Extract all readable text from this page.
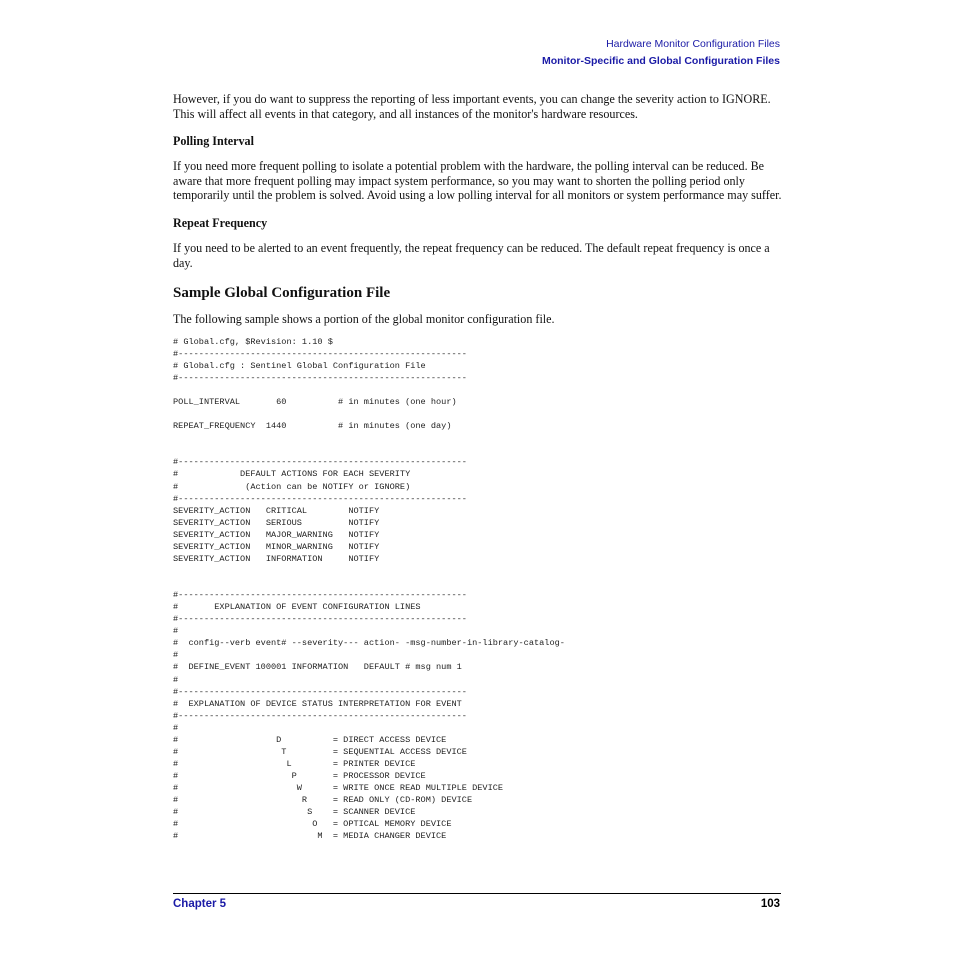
Hardware Monitor Configuration Files
Monitor-Specific and Global Configuration Files

However, if you do want to suppress the reporting of less important events, you can change the severity action to IGNORE. This will affect all events in that category, and all instances of the monitor's hardware resources.

Polling Interval

If you need more frequent polling to isolate a potential problem with the hardware, the polling interval can be reduced. Be aware that more frequent polling may impact system performance, so you may want to shorten the polling period only temporarily until the problem is solved. Avoid using a low polling interval for all monitors or system performance may suffer.

Repeat Frequency

If you need to be alerted to an event frequently, the repeat frequency can be reduced. The default repeat frequency is once a day.

Sample Global Configuration File

The following sample shows a portion of the global monitor configuration file.

# Global.cfg, $Revision: 1.10 $
#--------------------------------------------------------
# Global.cfg : Sentinel Global Configuration File
#--------------------------------------------------------

POLL_INTERVAL       60          # in minutes (one hour)

REPEAT_FREQUENCY  1440          # in minutes (one day)

#--------------------------------------------------------
#            DEFAULT ACTIONS FOR EACH SEVERITY
#             (Action can be NOTIFY or IGNORE)
#--------------------------------------------------------
SEVERITY_ACTION   CRITICAL        NOTIFY
SEVERITY_ACTION   SERIOUS         NOTIFY
SEVERITY_ACTION   MAJOR_WARNING   NOTIFY
SEVERITY_ACTION   MINOR_WARNING   NOTIFY
SEVERITY_ACTION   INFORMATION     NOTIFY

#--------------------------------------------------------
#       EXPLANATION OF EVENT CONFIGURATION LINES
#--------------------------------------------------------
#
#  config--verb event# --severity--- action- -msg-number-in-library-catalog-
#
#  DEFINE_EVENT 100001 INFORMATION   DEFAULT # msg num 1
#
#--------------------------------------------------------
#  EXPLANATION OF DEVICE STATUS INTERPRETATION FOR EVENT
#--------------------------------------------------------
#
#                   D          = DIRECT ACCESS DEVICE
#                    T         = SEQUENTIAL ACCESS DEVICE
#                     L        = PRINTER DEVICE
#                      P       = PROCESSOR DEVICE
#                       W      = WRITE ONCE READ MULTIPLE DEVICE
#                        R     = READ ONLY (CD-ROM) DEVICE
#                         S    = SCANNER DEVICE
#                          O   = OPTICAL MEMORY DEVICE
#                           M  = MEDIA CHANGER DEVICE
Chapter 5	103
